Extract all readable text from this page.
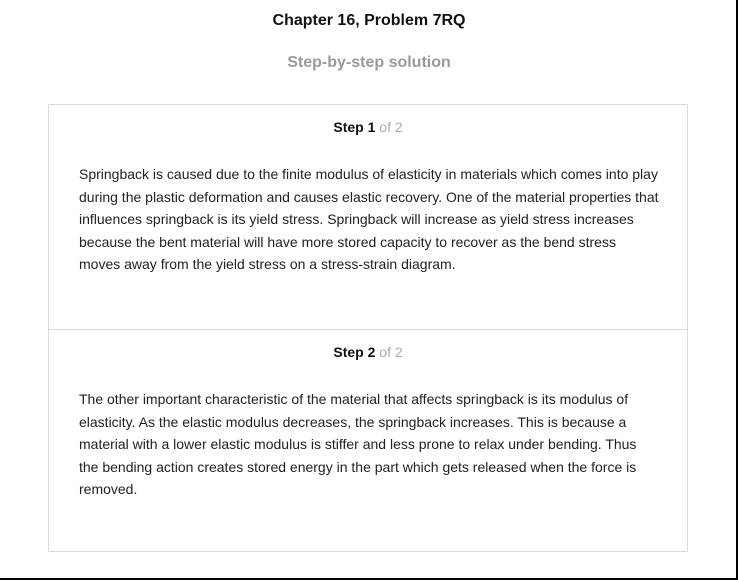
Chapter 16, Problem 7RQ
Step-by-step solution
Step 1 of 2

Springback is caused due to the finite modulus of elasticity in materials which comes into play during the plastic deformation and causes elastic recovery. One of the material properties that influences springback is its yield stress. Springback will increase as yield stress increases because the bent material will have more stored capacity to recover as the bend stress moves away from the yield stress on a stress-strain diagram.

Step 2 of 2

The other important characteristic of the material that affects springback is its modulus of elasticity. As the elastic modulus decreases, the springback increases. This is because a material with a lower elastic modulus is stiffer and less prone to relax under bending. Thus the bending action creates stored energy in the part which gets released when the force is removed.
